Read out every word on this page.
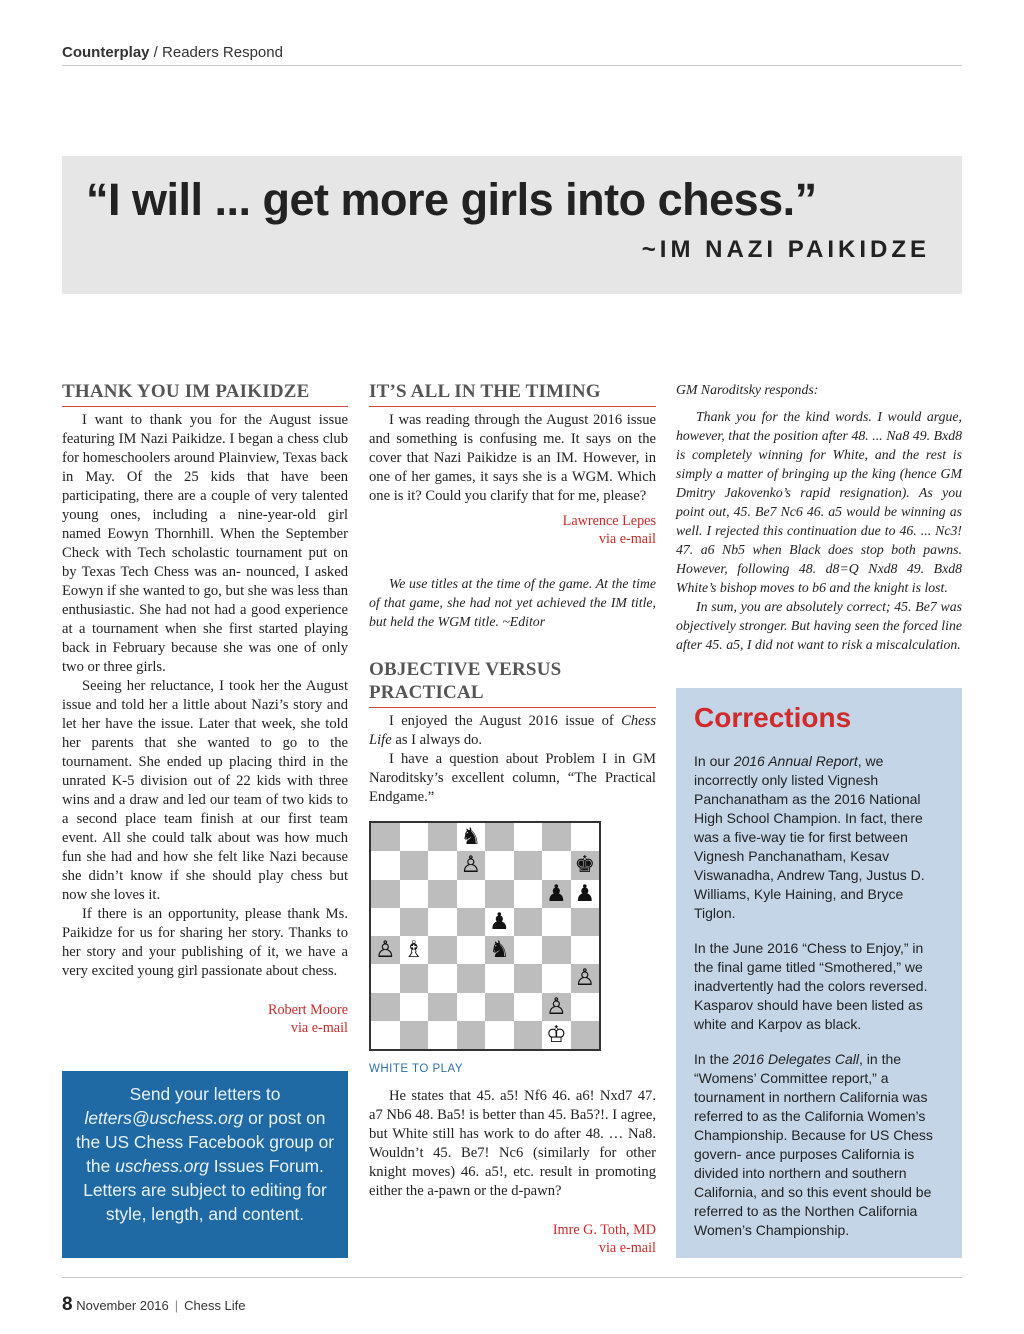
Counterplay / Readers Respond
“I will ... get more girls into chess.”
~IM NAZI PAIKIDZE
THANK YOU IM PAIKIDZE

I want to thank you for the August issue featuring IM Nazi Paikidze. I began a chess club for homeschoolers around Plainview, Texas back in May. Of the 25 kids that have been participating, there are a couple of very talented young ones, including a nine-year-old girl named Eowyn Thornhill. When the September Check with Tech scholastic tournament put on by Texas Tech Chess was an- nounced, I asked Eowyn if she wanted to go, but she was less than enthusiastic. She had not had a good experience at a tournament when she first started playing back in February because she was one of only two or three girls.

Seeing her reluctance, I took her the August issue and told her a little about Nazi’s story and let her have the issue. Later that week, she told her parents that she wanted to go to the tournament. She ended up placing third in the unrated K-5 division out of 22 kids with three wins and a draw and led our team of two kids to a second place team finish at our first team event. All she could talk about was how much fun she had and how she felt like Nazi because she didn’t know if she should play chess but now she loves it.

If there is an opportunity, please thank Ms. Paikidze for us for sharing her story. Thanks to her story and your publishing of it, we have a very excited young girl passionate about chess.

Robert Moore
via e-mail
Send your letters to letters@uschess.org or post on the US Chess Facebook group or the uschess.org Issues Forum. Letters are subject to editing for style, length, and content.
IT’S ALL IN THE TIMING

I was reading through the August 2016 issue and something is confusing me. It says on the cover that Nazi Paikidze is an IM. However, in one of her games, it says she is a WGM. Which one is it? Could you clarify that for me, please?

Lawrence Lepes
via e-mail

We use titles at the time of the game. At the time of that game, she had not yet achieved the IM title, but held the WGM title. ~Editor

OBJECTIVE VERSUS PRACTICAL

I enjoyed the August 2016 issue of Chess Life as I always do.

I have a question about Problem I in GM Naroditsky’s excellent column, “The Practical Endgame.”

♞
♙	♚
♟ ♟
♟
♙ ♗	♞
♙
♙
♔
WHITE TO PLAY

He states that 45. a5! Nf6 46. a6! Nxd7 47. a7 Nb6 48. Ba5! is better than 45. Ba5?!. I agree, but White still has work to do after 48. … Na8. Wouldn’t 45. Be7! Nc6 (similarly for other knight moves) 46. a5!, etc. result in promoting either the a-pawn or the d-pawn?

Imre G. Toth, MD
via e-mail

GM Naroditsky responds:

Thank you for the kind words. I would argue, however, that the position after 48. ... Na8 49. Bxd8 is completely winning for White, and the rest is simply a matter of bringing up the king (hence GM Dmitry Jakovenko’s rapid resignation). As you point out, 45. Be7 Nc6 46. a5 would be winning as well. I rejected this continuation due to 46. ... Nc3! 47. a6 Nb5 when Black does stop both pawns. However, following 48. d8=Q Nxd8 49. Bxd8 White’s bishop moves to b6 and the knight is lost.

In sum, you are absolutely correct; 45. Be7 was objectively stronger. But having seen the forced line after 45. a5, I did not want to risk a miscalculation.

Corrections

In our 2016 Annual Report, we incorrectly only listed Vignesh Panchanatham as the 2016 National High School Champion. In fact, there was a five-way tie for first between Vignesh Panchanatham, Kesav Viswanadha, Andrew Tang, Justus D. Williams, Kyle Haining, and Bryce Tiglon.

In the June 2016 “Chess to Enjoy,” in the final game titled “Smothered,” we inadvertently had the colors reversed. Kasparov should have been listed as white and Karpov as black.

In the 2016 Delegates Call, in the “Womens’ Committee report,” a tournament in northern California was referred to as the California Women’s Championship. Because for US Chess govern- ance purposes California is divided into northern and southern California, and so this event should be referred to as the Northen California Women’s Championship.

8 November 2016 | Chess Life
